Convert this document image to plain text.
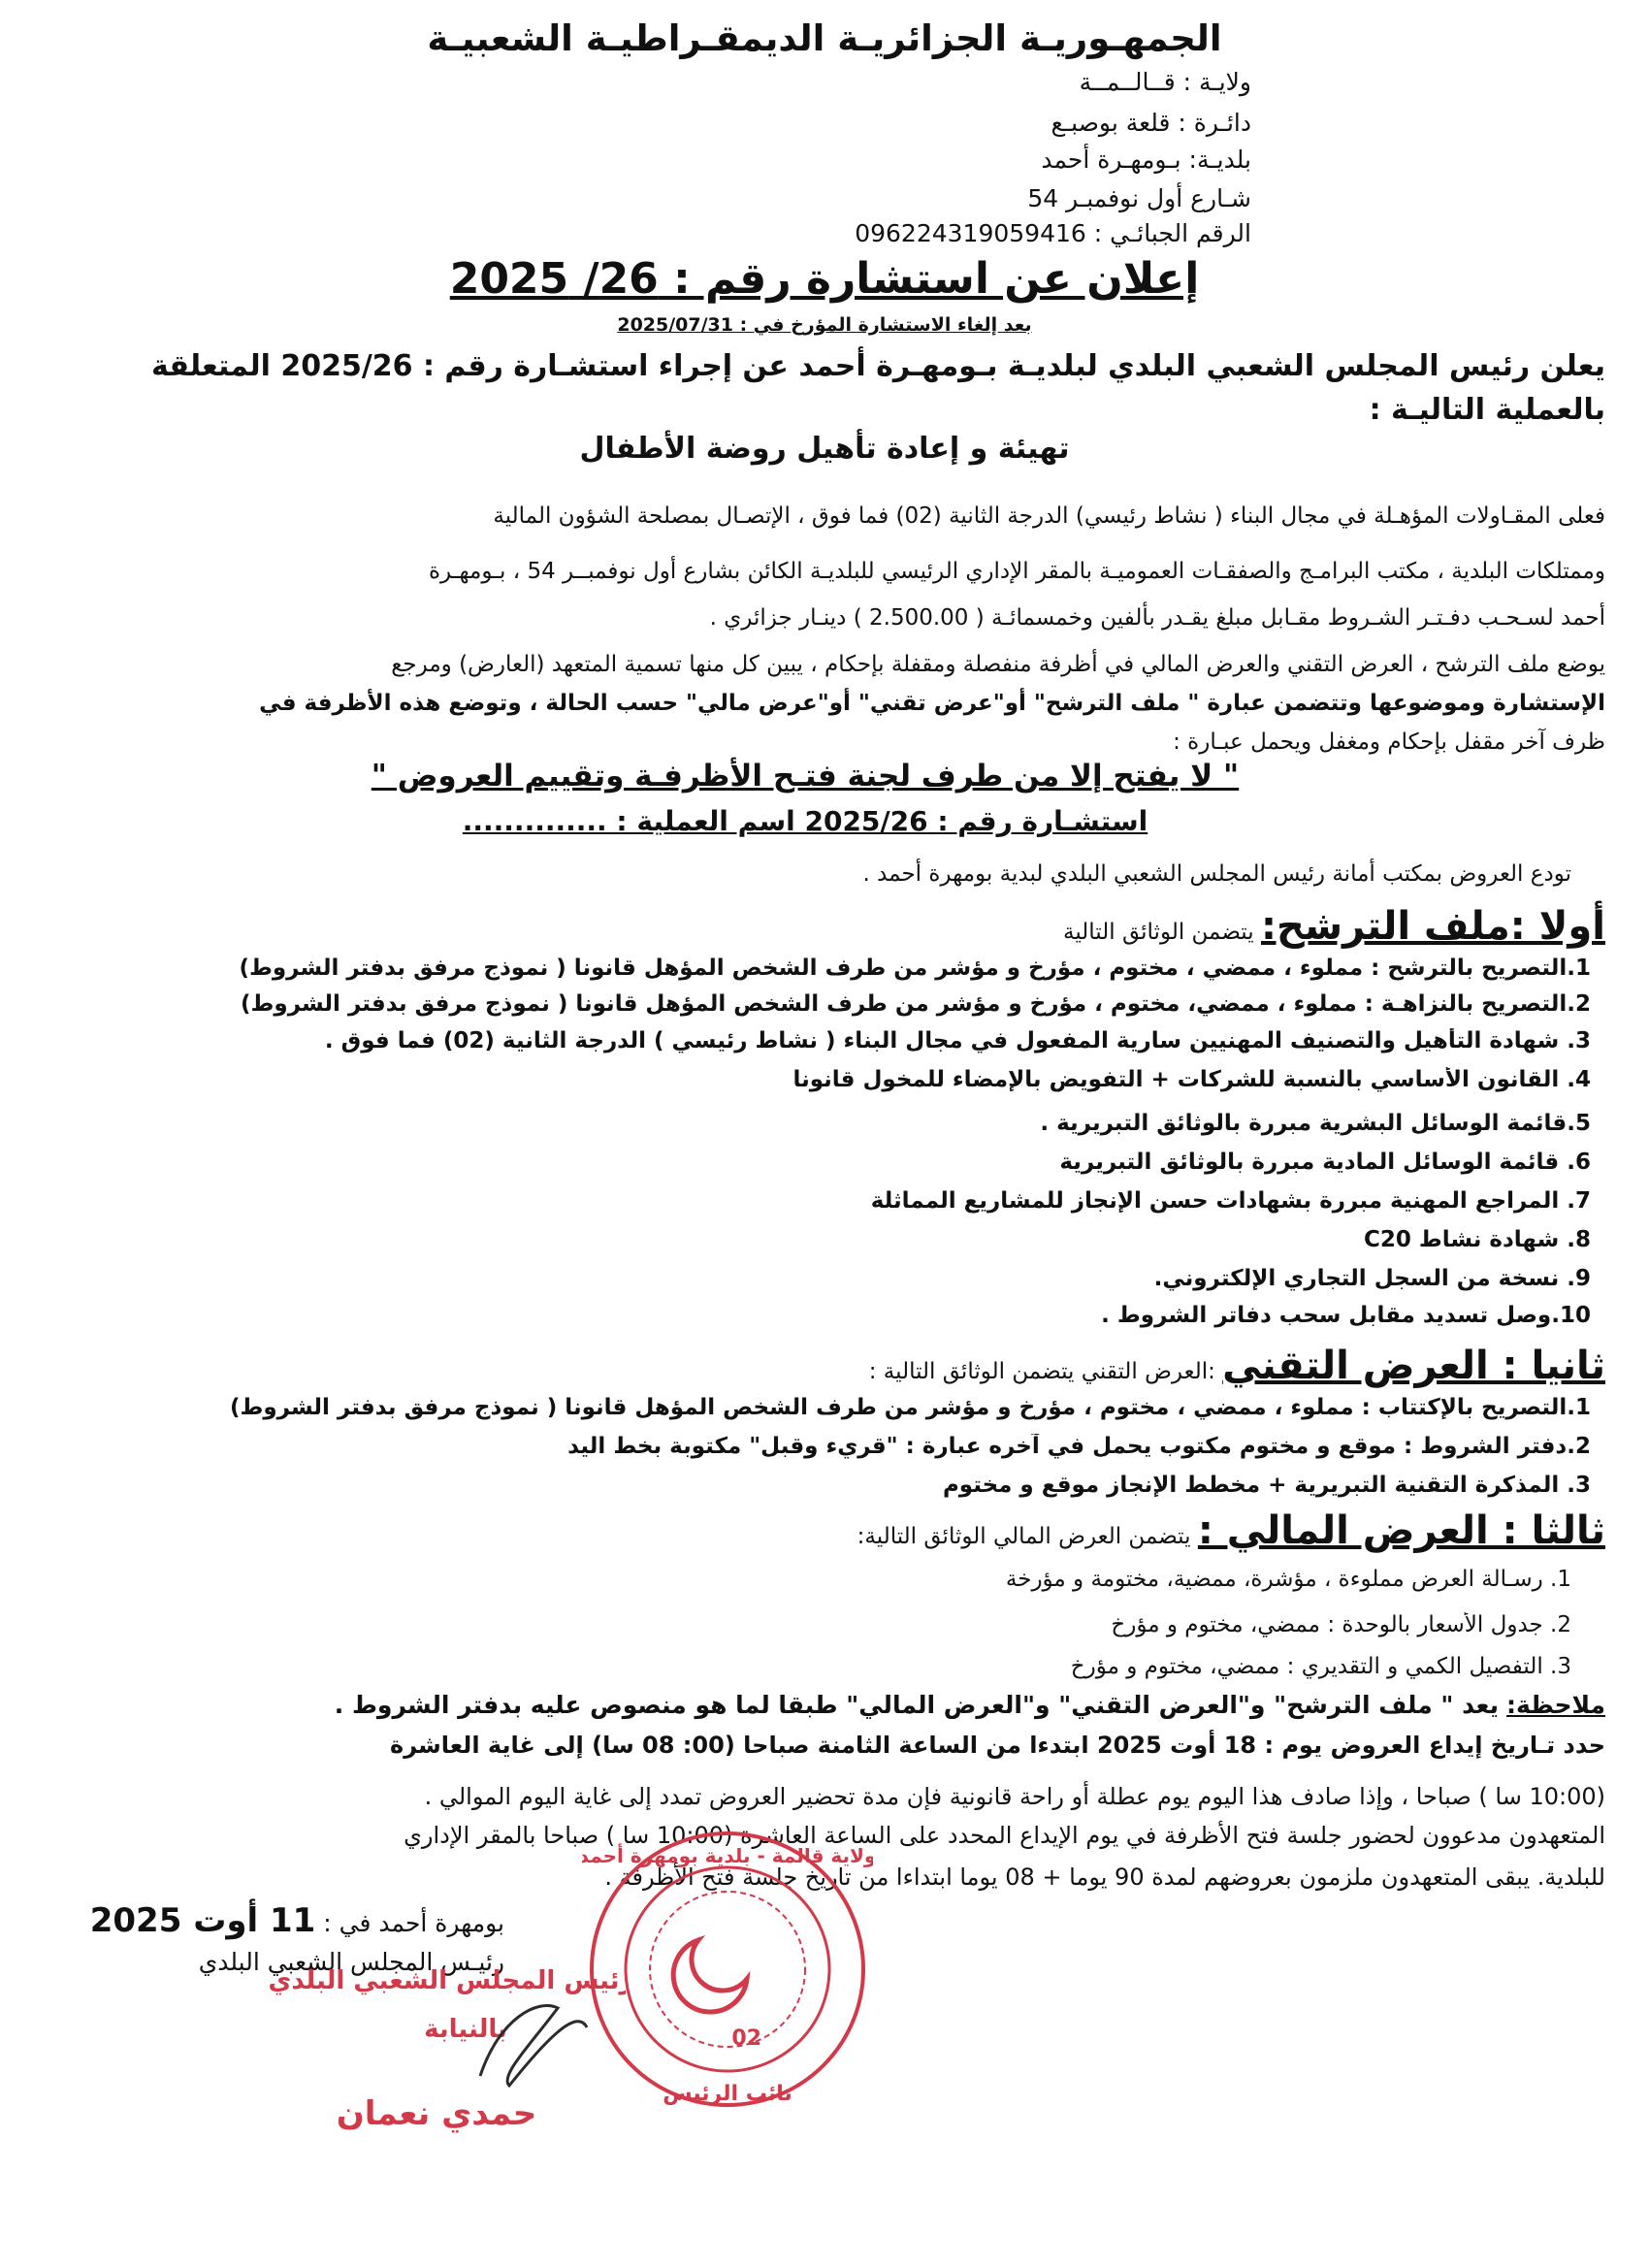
الجمهـوريـة الجزائريـة الديمقـراطيـة الشعبيـة
ولايـة : قــالــمــة
دائـرة : قلعة بوصبـع
بلديـة: بـومهـرة أحمد
شـارع أول نوفمبـر 54
الرقم الجبائـي : 09622431905941​6
إعلان عن استشارة رقم : 26/ 2025
بعد إلغاء الاستشارة المؤرخ في : 2025/07/31
يعلن رئيس المجلس الشعبي البلدي لبلديـة بـومهـرة أحمد عن إجراء استشـارة رقم : 2025/26 المتعلقة
بالعملية التاليـة :
تهيئة و إعادة تأهيل روضة الأطفال
فعلى المقـاولات المؤهـلة في مجال البناء ( نشاط رئيسي) الدرجة الثانية (02) فما فوق ، الإتصـال بمصلحة الشؤون المالية
وممتلكات البلدية ، مكتب البرامـج والصفقـات العموميـة بالمقر الإداري الرئيسي للبلديـة الكائن بشارع أول نوفمبــر 54 ، بـومهـرة
أحمد لسـحـب دفـتـر الشـروط مقـابل مبلغ يقـدر بألفين وخمسمائـة ( 2.500.00 ) دينـار جزائري .
يوضع ملف الترشح ، العرض التقني والعرض المالي في أظرفة منفصلة ومقفلة بإحكام ، يبين كل منها تسمية المتعهد (العارض) ومرجع
الإستشارة وموضوعها وتتضمن عبارة " ملف الترشح" أو"عرض تقني" أو"عرض مالي" حسب الحالة ، وتوضع هذه الأظرفة في
ظرف آخر مقفل بإحكام ومغفل ويحمل عبـارة :
" لا يفتح إلا من طرف لجنة فتـح الأظرفـة وتقييم العروض "
استشـارة رقم : 2025/26 اسم العملية : ..............
تودع العروض بمكتب أمانة رئيس المجلس الشعبي البلدي لبدية بومهرة أحمد .
أولا :ملف الترشح: يتضمن الوثائق التالية
1.التصريح بالترشح : مملوء ، ممضي ، مختوم ، مؤرخ و مؤشر من طرف الشخص المؤهل قانونا ( نموذج مرفق بدفتر الشروط)
2.التصريح بالنزاهـة : مملوء ، ممضي، مختوم ، مؤرخ و مؤشر من طرف الشخص المؤهل قانونا ( نموذج مرفق بدفتر الشروط)
3. شهادة التأهيل والتصنيف المهنيين سارية المفعول في مجال البناء ( نشاط رئيسي ) الدرجة الثانية (02) فما فوق .
4. القانون الأساسي بالنسبة للشركات + التفويض بالإمضاء للمخول قانونا
5.قائمة الوسائل البشرية مبررة بالوثائق التبريرية .
6. قائمة الوسائل المادية مبررة بالوثائق التبريرية
7. المراجع المهنية مبررة بشهادات حسن الإنجاز للمشاريع المماثلة
8. شهادة نشاط C20
9. نسخة من السجل التجاري الإلكتروني.
10.وصل تسديد مقابل سحب دفاتر الشروط .
ثانيا : العرض التقني :العرض التقني يتضمن الوثائق التالية :
1.التصريح بالإكتتاب : مملوء ، ممضي ، مختوم ، مؤرخ و مؤشر من طرف الشخص المؤهل قانونا ( نموذج مرفق بدفتر الشروط)
2.دفتر الشروط : موقع و مختوم مكتوب يحمل في آخره عبارة : "قريء وقبل" مكتوبة بخط اليد
3. المذكرة التقنية التبريرية + مخطط الإنجاز موقع و مختوم
ثالثا : العرض المالي : يتضمن العرض المالي الوثائق التالية:
1. رسـالة العرض مملوءة ، مؤشرة، ممضية، مختومة و مؤرخة
2. جدول الأسعار بالوحدة : ممضي، مختوم و مؤرخ
3. التفصيل الكمي و التقديري : ممضي، مختوم و مؤرخ
ملاحظة: يعد " ملف الترشح" و"العرض التقني" و"العرض المالي" طبقا لما هو منصوص عليه بدفتر الشروط .
حدد تـاريخ إيداع العروض يوم : 18 أوت 2025 ابتدءا من الساعة الثامنة صباحا (00: 08 سا) إلى غاية العاشرة
(10:00 سا ) صباحا ، وإذا صادف هذا اليوم يوم عطلة أو راحة قانونية فإن مدة تحضير العروض تمدد إلى غاية اليوم الموالي .
المتعهدون مدعوون لحضور جلسة فتح الأظرفة في يوم الإيداع المحدد على الساعة العاشرة (10:00 سا ) صباحا بالمقر الإداري
للبلدية. يبقى المتعهدون ملزمون بعروضهم لمدة 90 يوما + 08 يوما ابتداءا من تاريخ جلسة فتح الأظرفة .
بومهرة أحمد في : 11 أوت 2025
رئيـس المجلس الشعبي البلدي
رئيس المجلس الشعبي البلدي
بالنيابة
حمدي نعمان
02
نائب الرئيس
ولاية قالمة - بلدية بومهرة أحمد
